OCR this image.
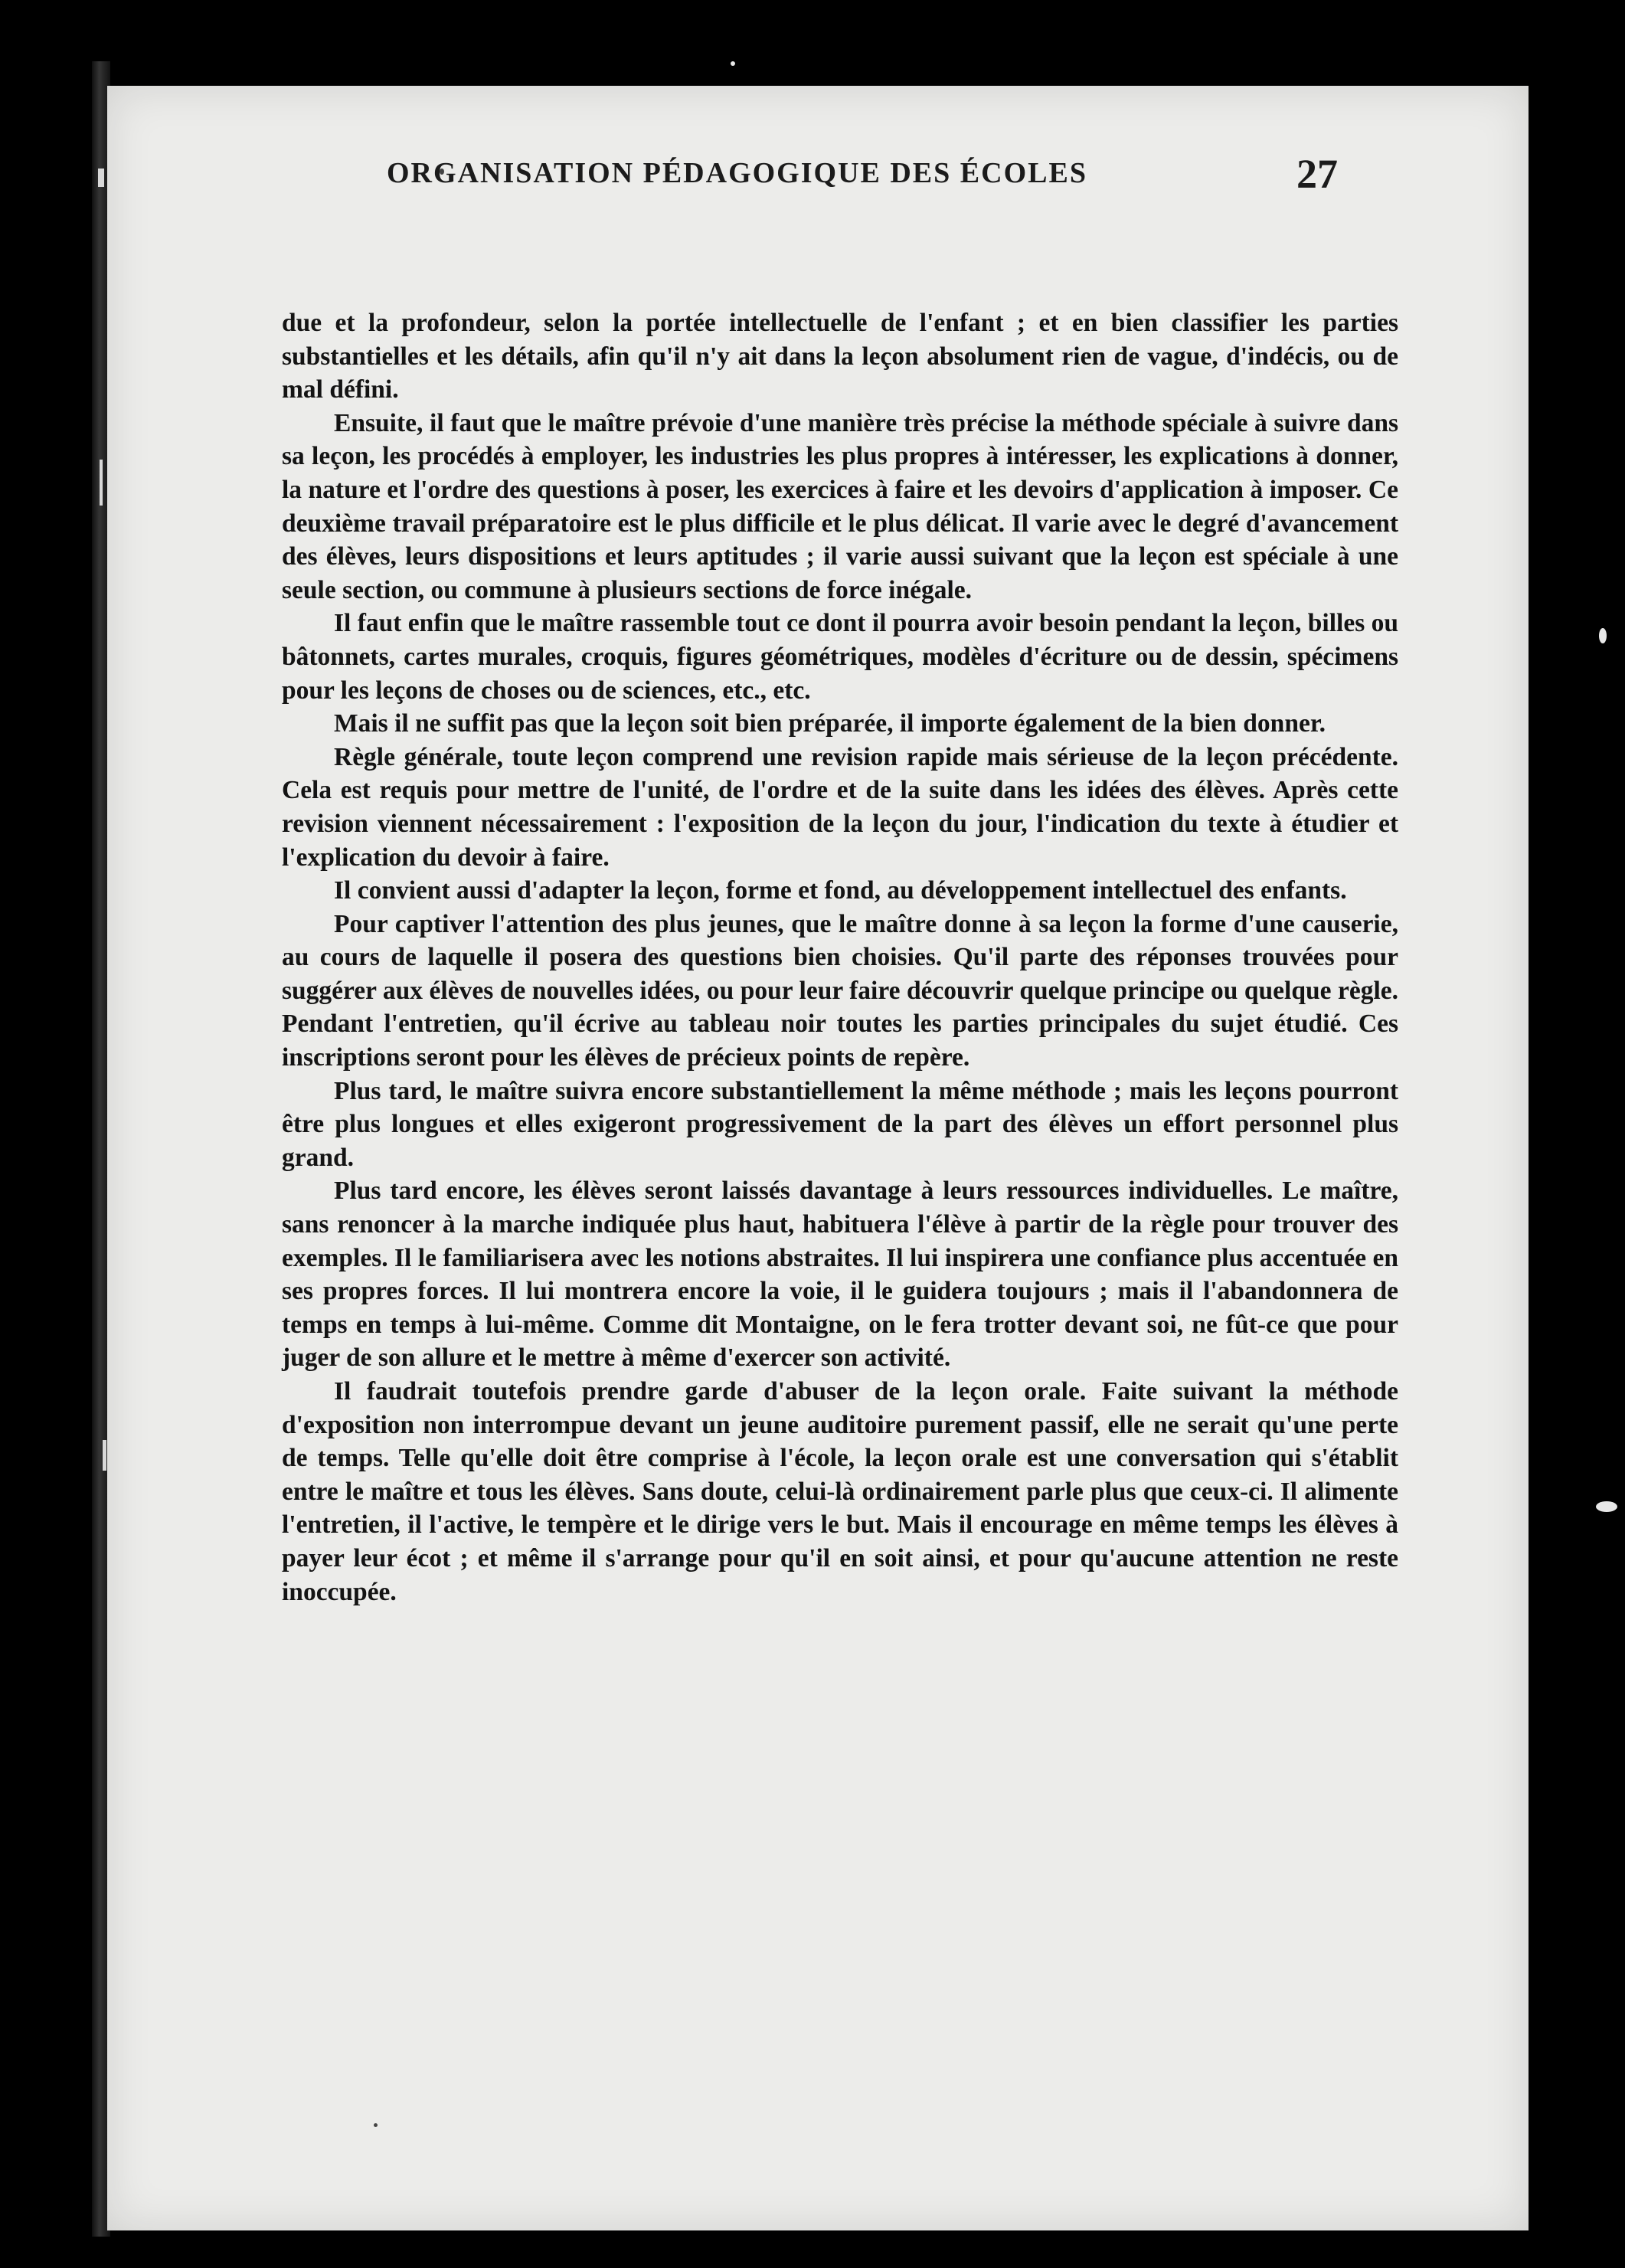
ORGANISATION PÉDAGOGIQUE DES ÉCOLES	27

due et la profondeur, selon la portée intellectuelle de l'enfant ; et en bien classifier les parties substantielles et les détails, afin qu'il n'y ait dans la leçon absolument rien de vague, d'indécis, ou de mal défini.

Ensuite, il faut que le maître prévoie d'une manière très précise la méthode spéciale à suivre dans sa leçon, les procédés à employer, les industries les plus propres à intéresser, les explications à donner, la nature et l'ordre des questions à poser, les exercices à faire et les devoirs d'application à imposer. Ce deuxième travail préparatoire est le plus difficile et le plus délicat. Il varie avec le degré d'avancement des élèves, leurs dispositions et leurs aptitudes ; il varie aussi suivant que la leçon est spéciale à une seule section, ou commune à plusieurs sections de force inégale.

Il faut enfin que le maître rassemble tout ce dont il pourra avoir besoin pendant la leçon, billes ou bâtonnets, cartes murales, croquis, figures géométriques, modèles d'écriture ou de dessin, spécimens pour les leçons de choses ou de sciences, etc., etc.

Mais il ne suffit pas que la leçon soit bien préparée, il importe également de la bien donner.

Règle générale, toute leçon comprend une revision rapide mais sérieuse de la leçon précédente. Cela est requis pour mettre de l'unité, de l'ordre et de la suite dans les idées des élèves. Après cette revision viennent nécessairement : l'exposition de la leçon du jour, l'indication du texte à étudier et l'explication du devoir à faire.

Il convient aussi d'adapter la leçon, forme et fond, au développement intellectuel des enfants.

Pour captiver l'attention des plus jeunes, que le maître donne à sa leçon la forme d'une causerie, au cours de laquelle il posera des questions bien choisies. Qu'il parte des réponses trouvées pour suggérer aux élèves de nouvelles idées, ou pour leur faire découvrir quelque principe ou quelque règle. Pendant l'entretien, qu'il écrive au tableau noir toutes les parties principales du sujet étudié. Ces inscriptions seront pour les élèves de précieux points de repère.

Plus tard, le maître suivra encore substantiellement la même méthode ; mais les leçons pourront être plus longues et elles exigeront progressivement de la part des élèves un effort personnel plus grand.

Plus tard encore, les élèves seront laissés davantage à leurs ressources individuelles. Le maître, sans renoncer à la marche indiquée plus haut, habituera l'élève à partir de la règle pour trouver des exemples. Il le familiarisera avec les notions abstraites. Il lui inspirera une confiance plus accentuée en ses propres forces. Il lui montrera encore la voie, il le guidera toujours ; mais il l'abandonnera de temps en temps à lui-même. Comme dit Montaigne, on le fera trotter devant soi, ne fût-ce que pour juger de son allure et le mettre à même d'exercer son activité.

Il faudrait toutefois prendre garde d'abuser de la leçon orale. Faite suivant la méthode d'exposition non interrompue devant un jeune auditoire purement passif, elle ne serait qu'une perte de temps. Telle qu'elle doit être comprise à l'école, la leçon orale est une conversation qui s'établit entre le maître et tous les élèves. Sans doute, celui-là ordinairement parle plus que ceux-ci. Il alimente l'entretien, il l'active, le tempère et le dirige vers le but. Mais il encourage en même temps les élèves à payer leur écot ; et même il s'arrange pour qu'il en soit ainsi, et pour qu'aucune attention ne reste inoccupée.
